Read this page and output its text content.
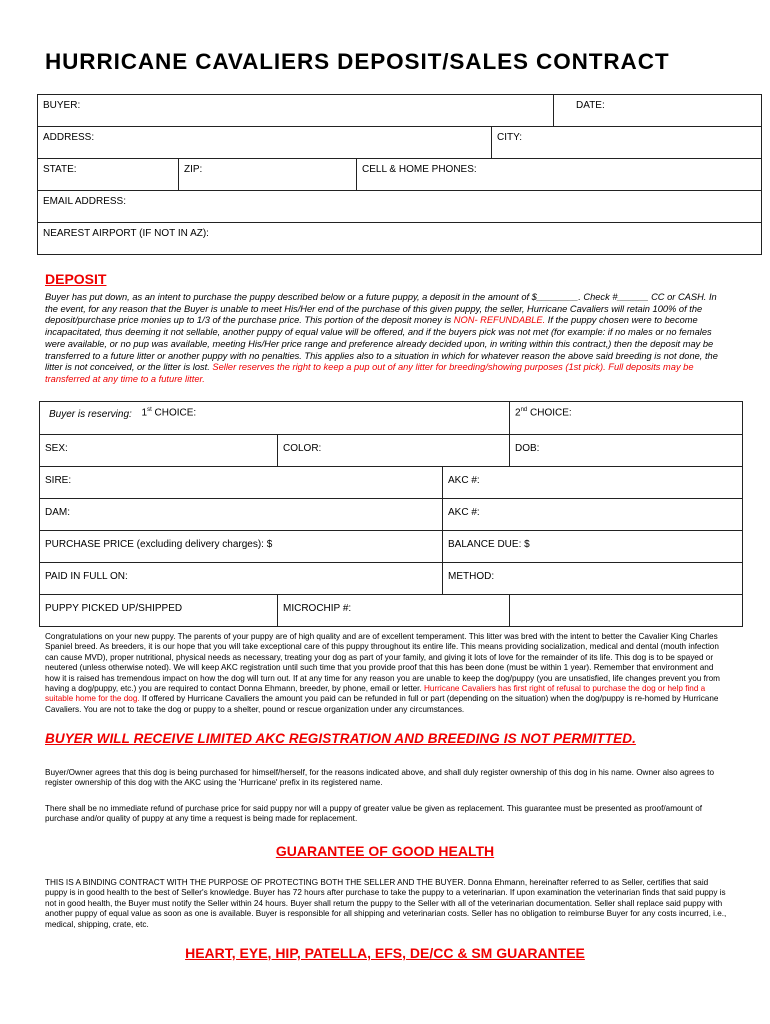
HURRICANE CAVALIERS DEPOSIT/SALES CONTRACT
BUYER:				DATE:
ADDRESS:			CITY:	
STATE:	ZIP:	CELL & HOME PHONES:		
EMAIL ADDRESS:				
NEAREST AIRPORT (IF NOT IN AZ):				
DEPOSIT

Buyer has put down, as an intent to purchase the puppy described below or a future puppy, a deposit in the amount of $________. Check #______ CC or CASH. In the event, for any reason that the Buyer is unable to meet His/Her end of the purchase of this given puppy, the seller, Hurricane Cavaliers will retain 100% of the deposit/purchase price monies up to 1/3 of the purchase price. This portion of the deposit money is NON- REFUNDABLE. If the puppy chosen were to become incapacitated, thus deeming it not sellable, another puppy of equal value will be offered, and if the buyers pick was not met (for example: if no males or no females were available, or no pup was available, meeting His/Her price range and preference already decided upon, in writing within this contract,) then the deposit may be transferred to a future litter or another puppy with no penalties. This applies also to a situation in which for whatever reason the above said breeding is not done, the litter is not conceived, or the litter is lost. Seller reserves the right to keep a pup out of any litter for breeding/showing purposes (1st pick). Full deposits may be transferred at any time to a future litter.

Buyer is reserving:	1st CHOICE:			2nd CHOICE:
SEX:		COLOR:		DOB:
SIRE:			AKC #:	
DAM:			AKC #:	
PURCHASE PRICE (excluding delivery charges): $			BALANCE DUE: $	
PAID IN FULL ON:			METHOD:	
PUPPY PICKED UP/SHIPPED		MICROCHIP #:		

Congratulations on your new puppy. The parents of your puppy are of high quality and are of excellent temperament. This litter was bred with the intent to better the Cavalier King Charles Spaniel breed. As breeders, it is our hope that you will take exceptional care of this puppy throughout its entire life. This means providing socialization, medical and dental (mouth infection can cause MVD), proper nutritional, physical needs as necessary, treating your dog as part of your family, and giving it lots of love for the remainder of its life. This dog is to be spayed or neutered (unless otherwise noted). We will keep AKC registration until such time that you provide proof that this has been done (must be within 1 year). Remember that environment and how it is raised has tremendous impact on how the dog will turn out. If at any time for any reason you are unable to keep the dog/puppy (you are unsatisfied, life changes prevent you from having a dog/puppy, etc.) you are required to contact Donna Ehmann, breeder, by phone, email or letter. Hurricane Cavaliers has first right of refusal to purchase the dog or help find a suitable home for the dog. If offered by Hurricane Cavaliers the amount you paid can be refunded in full or part (depending on the situation) when the dog/puppy is re-homed by Hurricane Cavaliers. You are not to take the dog or puppy to a shelter, pound or rescue organization under any circumstances.

BUYER WILL RECEIVE LIMITED AKC REGISTRATION AND BREEDING IS NOT PERMITTED.

Buyer/Owner agrees that this dog is being purchased for himself/herself, for the reasons indicated above, and shall duly register ownership of this dog in his name. Owner also agrees to register ownership of this dog with the AKC using the 'Hurricane' prefix in its registered name.

There shall be no immediate refund of purchase price for said puppy nor will a puppy of greater value be given as replacement. This guarantee must be presented as proof/amount of purchase and/or quality of puppy at any time a request is being made for replacement.

GUARANTEE OF GOOD HEALTH

THIS IS A BINDING CONTRACT WITH THE PURPOSE OF PROTECTING BOTH THE SELLER AND THE BUYER. Donna Ehmann, hereinafter referred to as Seller, certifies that said puppy is in good health to the best of Seller's knowledge. Buyer has 72 hours after purchase to take the puppy to a veterinarian. If upon examination the veterinarian finds that said puppy is not in good health, the Buyer must notify the Seller within 24 hours. Buyer shall return the puppy to the Seller with all of the veterinarian documentation. Seller shall replace said puppy with another puppy of equal value as soon as one is available. Buyer is responsible for all shipping and veterinarian costs. Seller has no obligation to reimburse Buyer for any costs incurred, i.e., medical, shipping, crate, etc.

HEART, EYE, HIP, PATELLA, EFS, DE/CC & SM GUARANTEE
